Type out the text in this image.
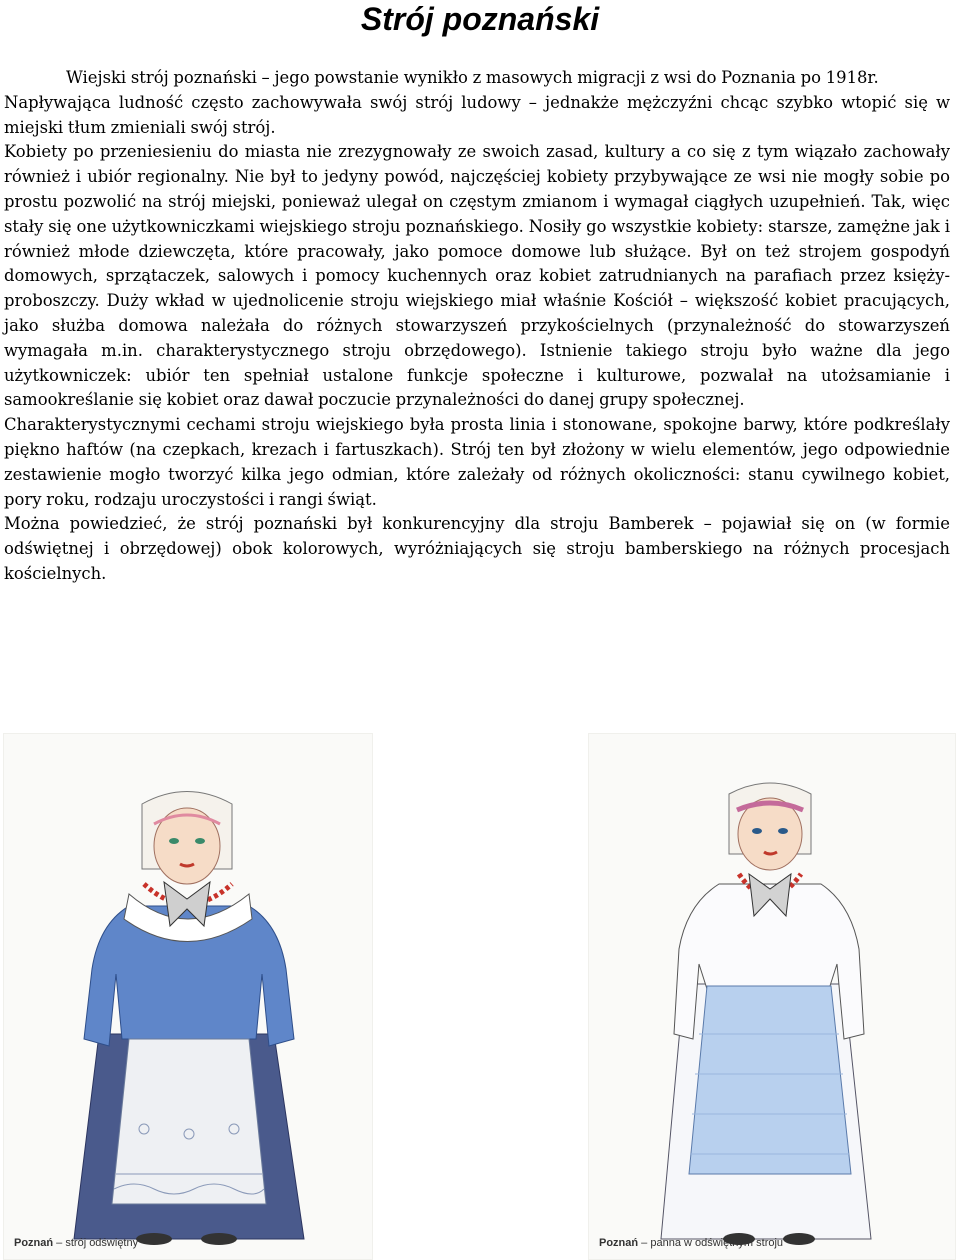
Strój poznański

Wiejski strój poznański – jego powstanie wynikło z masowych migracji z wsi do Poznania po 1918r.

Napływająca ludność często zachowywała swój strój ludowy – jednakże mężczyźni chcąc szybko wtopić się w miejski tłum zmieniali swój strój.

Kobiety po przeniesieniu do miasta nie zrezygnowały ze swoich zasad, kultury a co się z tym wiązało zachowały również i ubiór regionalny. Nie był to jedyny powód, najczęściej kobiety przybywające ze wsi nie mogły sobie po prostu pozwolić na strój miejski, ponieważ ulegał on częstym zmianom i wymagał ciągłych uzupełnień. Tak, więc stały się one użytkowniczkami wiejskiego stroju poznańskiego. Nosiły go wszystkie kobiety: starsze, zamężne jak i również młode dziewczęta, które pracowały, jako pomoce domowe lub służące. Był on też strojem gospodyń domowych, sprzątaczek, salowych i pomocy kuchennych oraz kobiet zatrudnianych na parafiach przez księży-proboszczy. Duży wkład w ujednolicenie stroju wiejskiego miał właśnie Kościół – większość kobiet pracujących, jako służba domowa należała do różnych stowarzyszeń przykościelnych (przynależność do stowarzyszeń wymagała m.in. charakterystycznego stroju obrzędowego). Istnienie takiego stroju było ważne dla jego użytkowniczek: ubiór ten spełniał ustalone funkcje społeczne i kulturowe, pozwalał na utożsamianie i samookreślanie się kobiet oraz dawał poczucie przynależności do danej grupy społecznej.

Charakterystycznymi cechami stroju wiejskiego była prosta linia i stonowane, spokojne barwy, które podkreślały piękno haftów (na czepkach, krezach i fartuszkach). Strój ten był złożony w wielu elementów, jego odpowiednie zestawienie mogło tworzyć kilka jego odmian, które zależały od różnych okoliczności: stanu cywilnego kobiet, pory roku, rodzaju uroczystości i rangi świąt.

Można powiedzieć, że strój poznański był konkurencyjny dla stroju Bamberek – pojawiał się on (w formie odświętnej i obrzędowej) obok kolorowych, wyróżniających się stroju bamberskiego na różnych procesjach kościelnych.

Poznań – strój odświętny	Poznań – panna w odświętnym stroju
